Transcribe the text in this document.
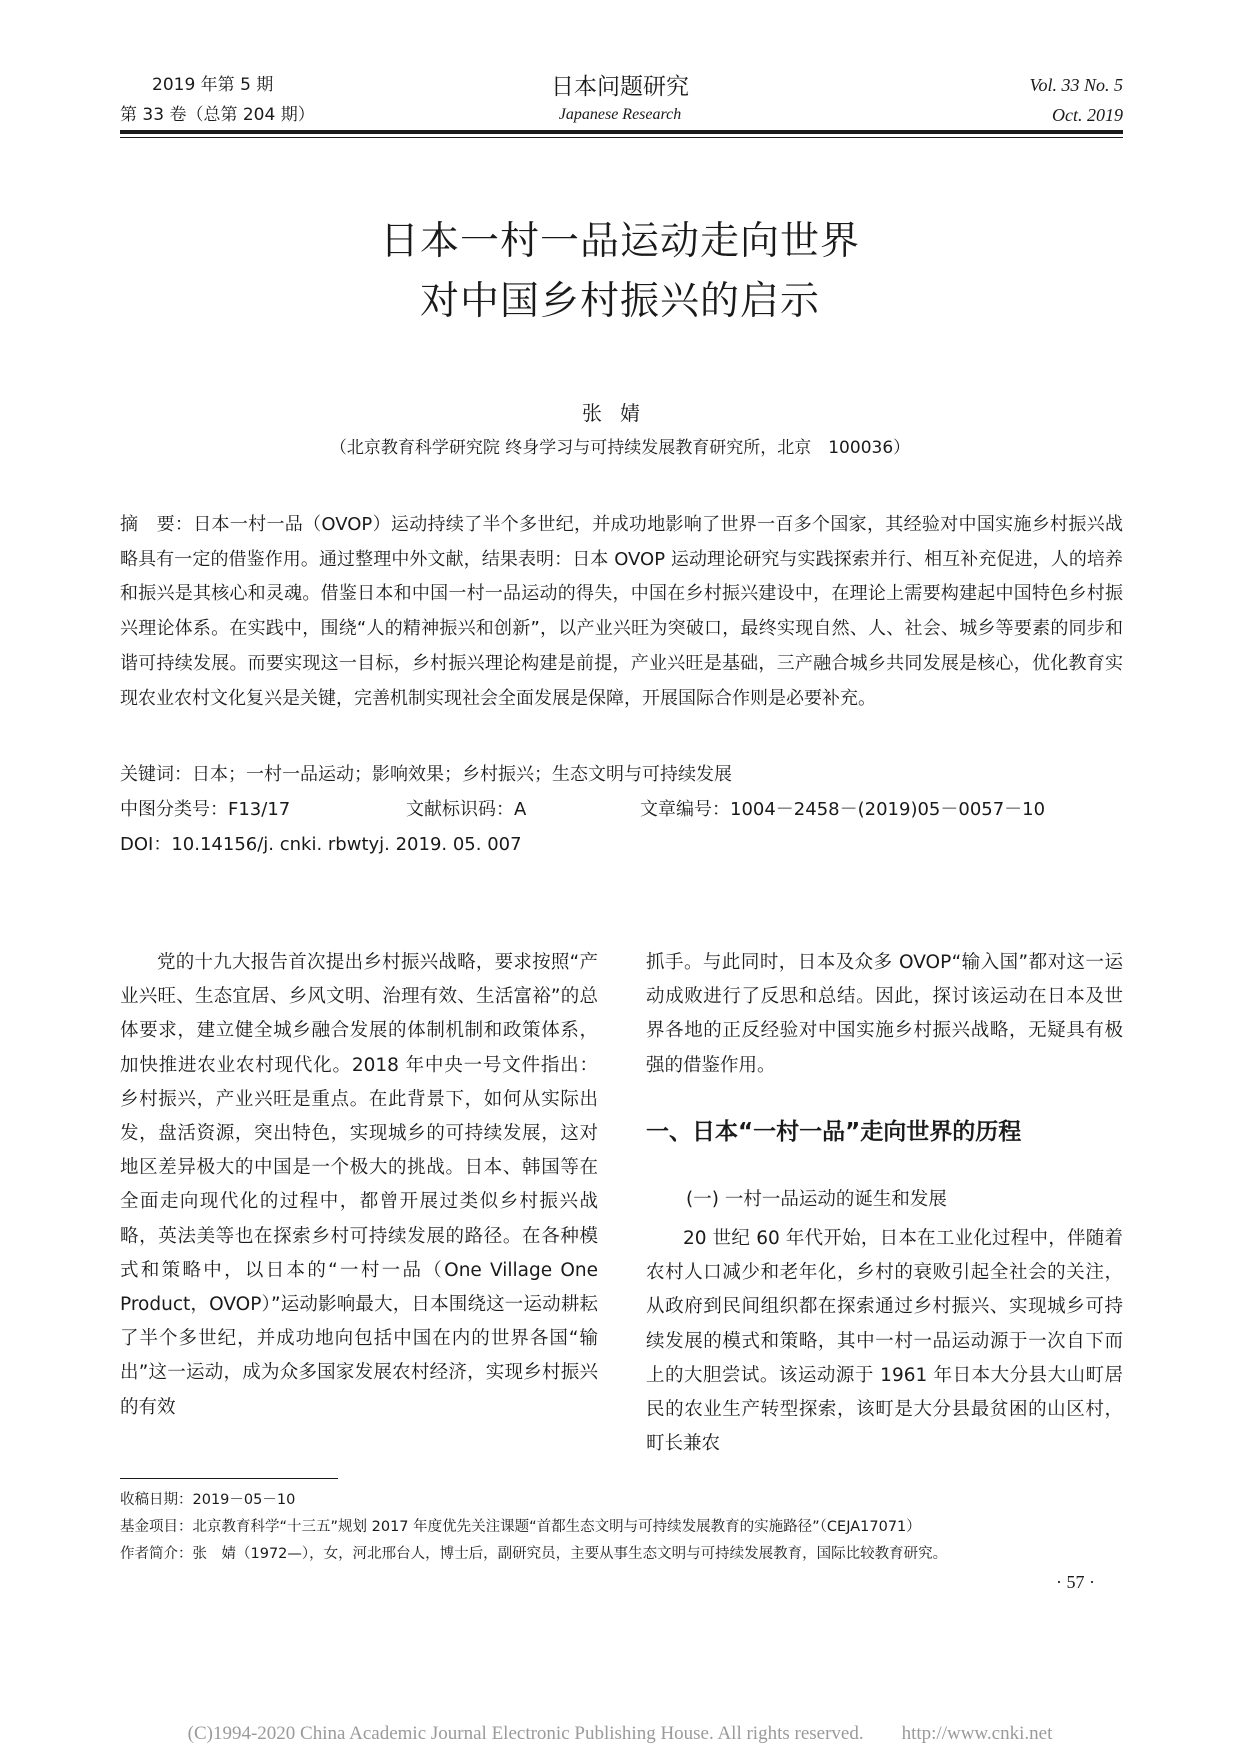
2019 年第 5 期
第 33 卷（总第 204 期）
日本问题研究
Japanese Research
Vol. 33 No. 5
Oct. 2019
日本一村一品运动走向世界
对中国乡村振兴的启示
张婧
（北京教育科学研究院 终身学习与可持续发展教育研究所，北京　100036）
摘　要：日本一村一品（OVOP）运动持续了半个多世纪，并成功地影响了世界一百多个国家，其经验对中国实施乡村振兴战略具有一定的借鉴作用。通过整理中外文献，结果表明：日本 OVOP 运动理论研究与实践探索并行、相互补充促进，人的培养和振兴是其核心和灵魂。借鉴日本和中国一村一品运动的得失，中国在乡村振兴建设中，在理论上需要构建起中国特色乡村振兴理论体系。在实践中，围绕“人的精神振兴和创新”，以产业兴旺为突破口，最终实现自然、人、社会、城乡等要素的同步和谐可持续发展。而要实现这一目标，乡村振兴理论构建是前提，产业兴旺是基础，三产融合城乡共同发展是核心，优化教育实现农业农村文化复兴是关键，完善机制实现社会全面发展是保障，开展国际合作则是必要补充。
关键词：日本；一村一品运动；影响效果；乡村振兴；生态文明与可持续发展
中图分类号：F13/17	文献标识码：A	文章编号：1004－2458－(2019)05－0057－10
DOI：10.14156/j. cnki. rbwtyj. 2019. 05. 007

党的十九大报告首次提出乡村振兴战略，要求按照“产业兴旺、生态宜居、乡风文明、治理有效、生活富裕”的总体要求，建立健全城乡融合发展的体制机制和政策体系，加快推进农业农村现代化。2018 年中央一号文件指出：乡村振兴，产业兴旺是重点。在此背景下，如何从实际出发，盘活资源，突出特色，实现城乡的可持续发展，这对地区差异极大的中国是一个极大的挑战。日本、韩国等在全面走向现代化的过程中，都曾开展过类似乡村振兴战略，英法美等也在探索乡村可持续发展的路径。在各种模式和策略中，以日本的“一村一品（One Village One Product，OVOP）”运动影响最大，日本围绕这一运动耕耘了半个多世纪，并成功地向包括中国在内的世界各国“输出”这一运动，成为众多国家发展农村经济，实现乡村振兴的有效

抓手。与此同时，日本及众多 OVOP“输入国”都对这一运动成败进行了反思和总结。因此，探讨该运动在日本及世界各地的正反经验对中国实施乡村振兴战略，无疑具有极强的借鉴作用。

一、日本“一村一品”走向世界的历程
(一) 一村一品运动的诞生和发展

20 世纪 60 年代开始，日本在工业化过程中，伴随着农村人口减少和老年化，乡村的衰败引起全社会的关注，从政府到民间组织都在探索通过乡村振兴、实现城乡可持续发展的模式和策略，其中一村一品运动源于一次自下而上的大胆尝试。该运动源于 1961 年日本大分县大山町居民的农业生产转型探索，该町是大分县最贫困的山区村，町长兼农

收稿日期：2019－05－10
基金项目：北京教育科学“十三五”规划 2017 年度优先关注课题“首都生态文明与可持续发展教育的实施路径”（CEJA17071）
作者简介：张　婧（1972—），女，河北邢台人，博士后，副研究员，主要从事生态文明与可持续发展教育，国际比较教育研究。
· 57 ·
(C)1994-2020 China Academic Journal Electronic Publishing House. All rights reserved.　　http://www.cnki.net
